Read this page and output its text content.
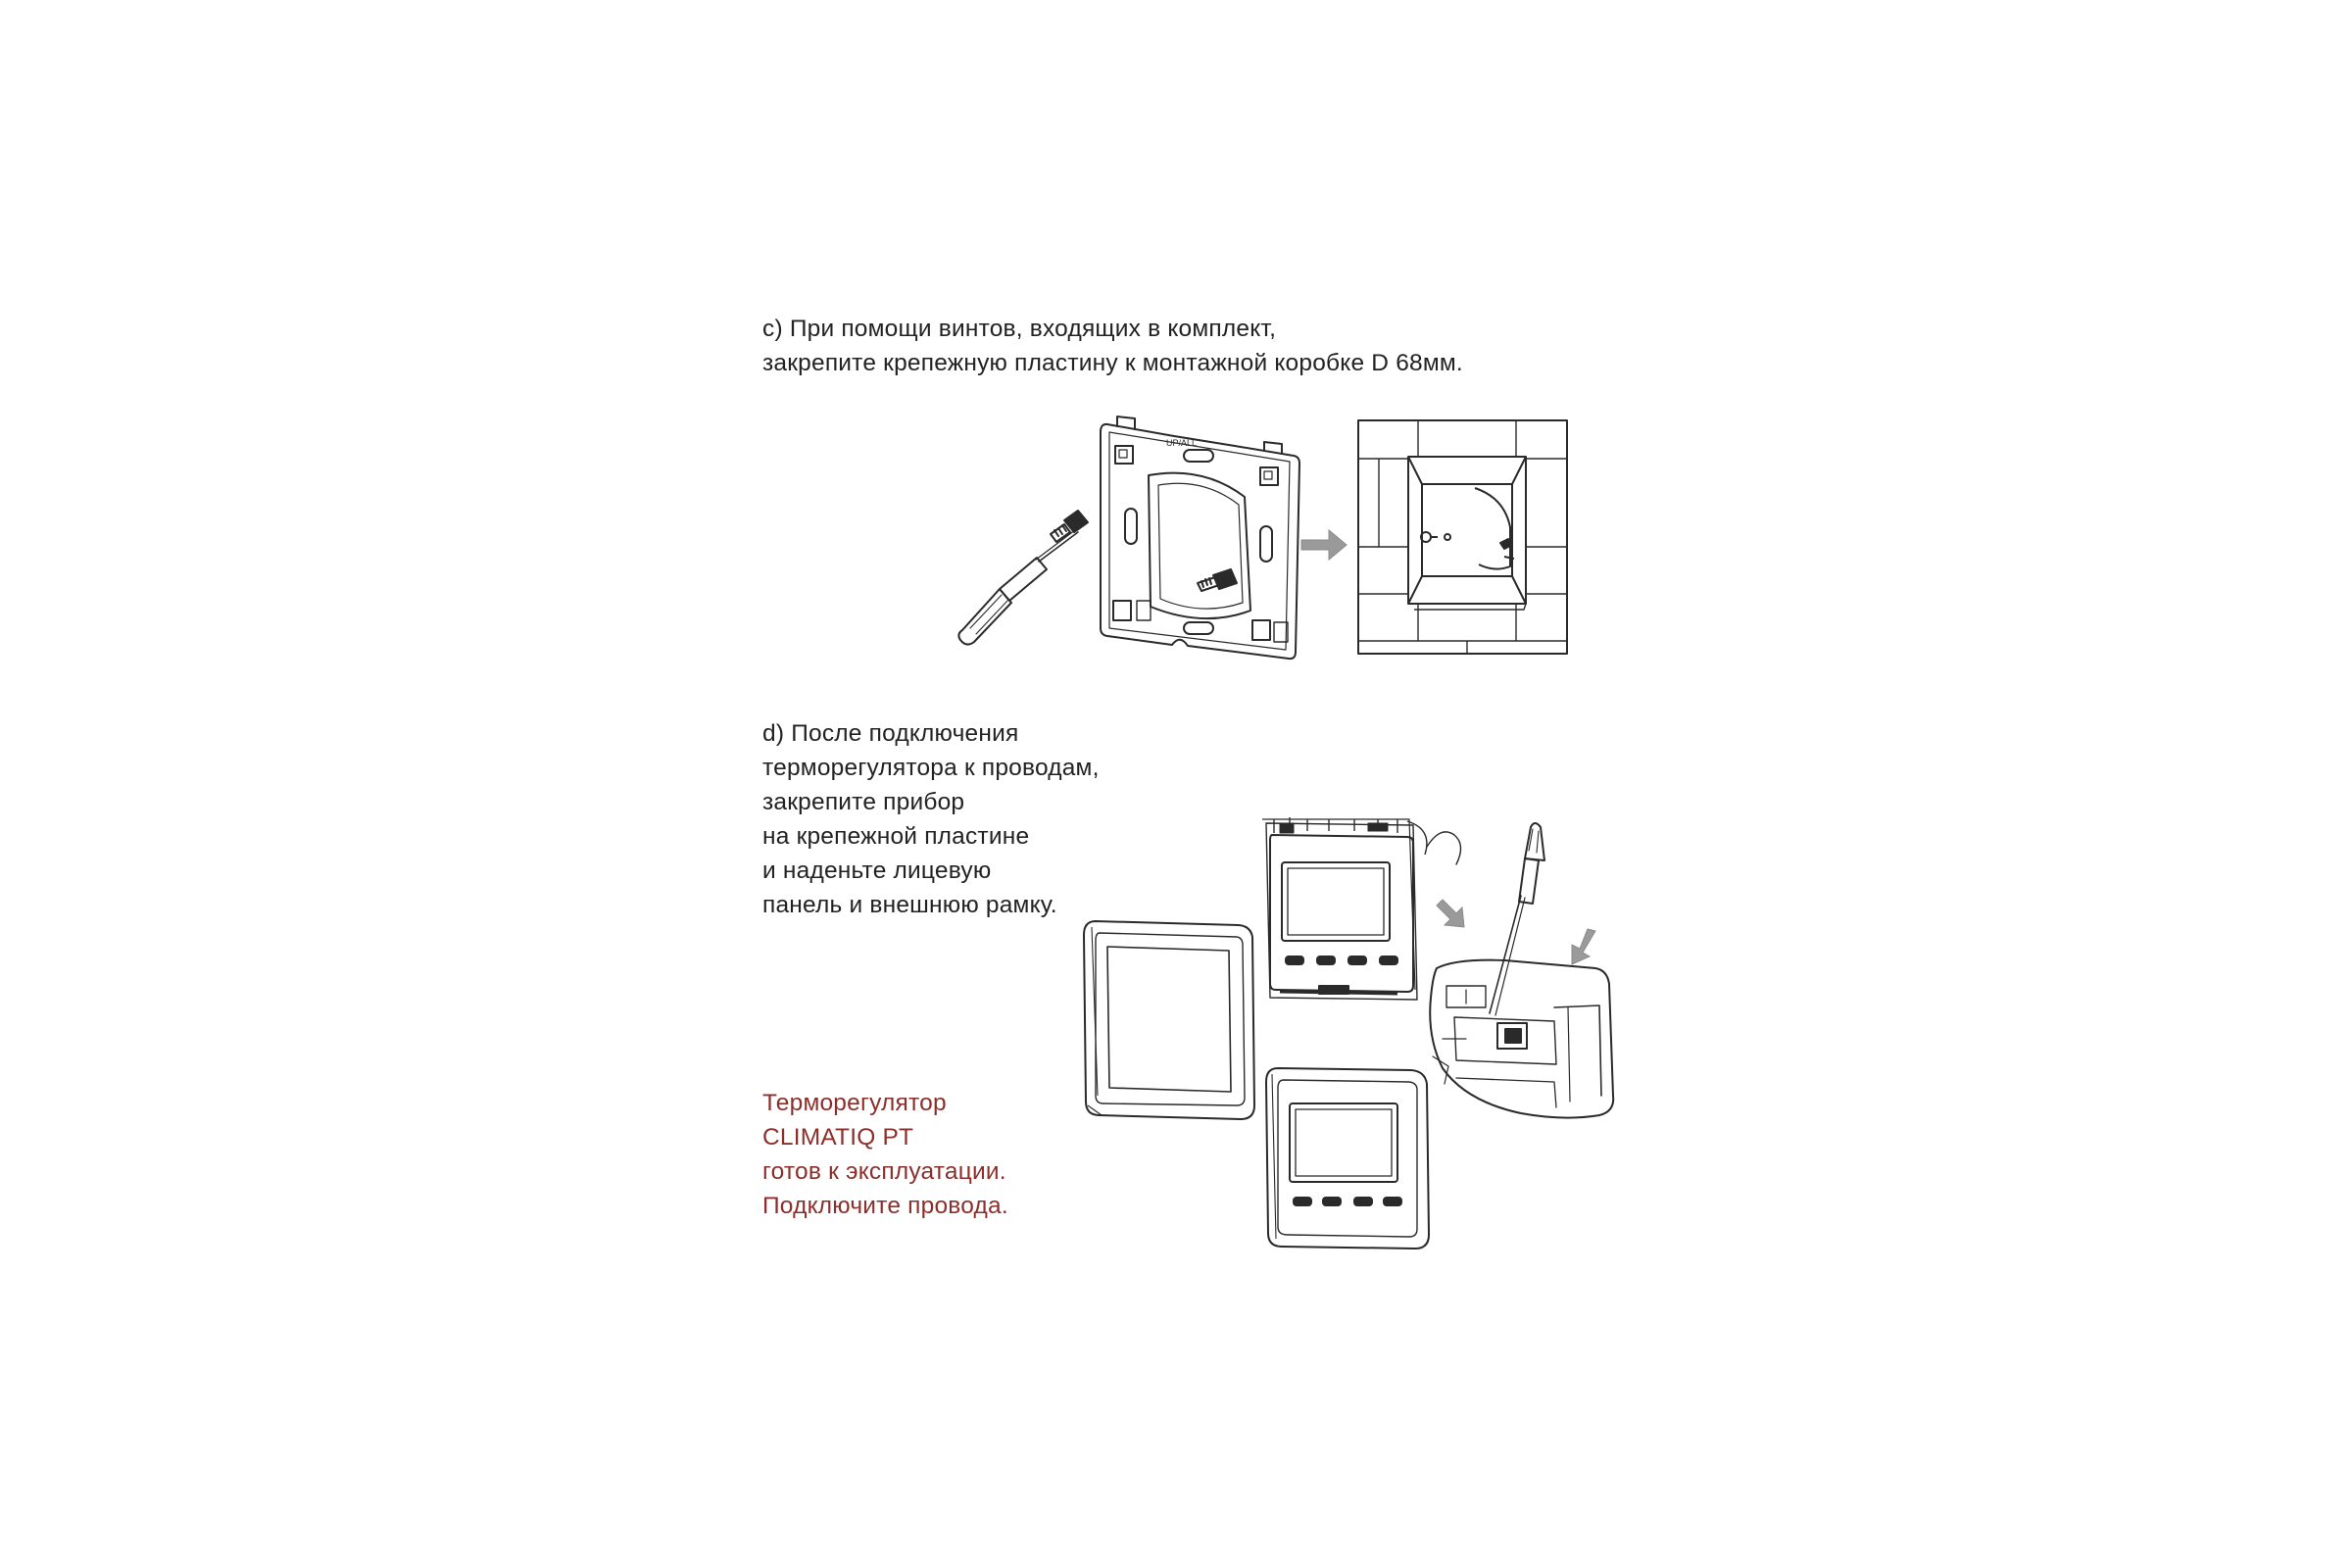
c) При помощи винтов, входящих в комплект,
закрепите крепежную пластину к монтажной коробке D 68мм.
UP/ALL
d) После подключения
терморегулятора к проводам,
закрепите прибор
на крепежной пластине
и наденьте лицевую
панель и внешнюю рамку.
Терморегулятор
CLIMATIQ PT
готов к эксплуатации.
Подключите провода.
